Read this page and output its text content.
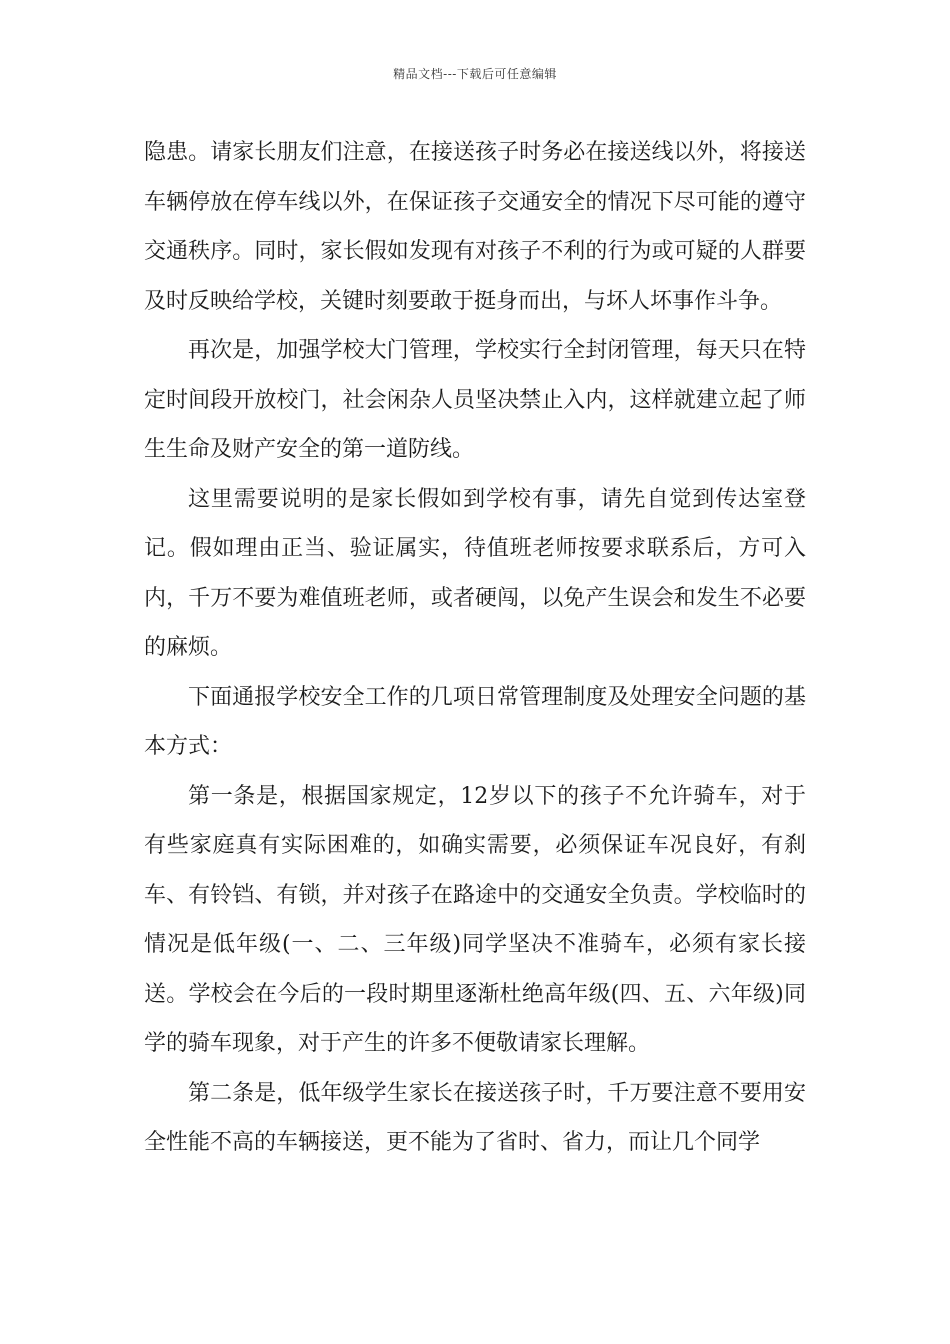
精品文档---下载后可任意编辑

隐患。请家长朋友们注意，在接送孩子时务必在接送线以外，将接送车辆停放在停车线以外，在保证孩子交通安全的情况下尽可能的遵守交通秩序。同时，家长假如发现有对孩子不利的行为或可疑的人群要及时反映给学校，关键时刻要敢于挺身而出，与坏人坏事作斗争。

再次是，加强学校大门管理，学校实行全封闭管理，每天只在特定时间段开放校门，社会闲杂人员坚决禁止入内，这样就建立起了师生生命及财产安全的第一道防线。

这里需要说明的是家长假如到学校有事，请先自觉到传达室登记。假如理由正当、验证属实，待值班老师按要求联系后，方可入内，千万不要为难值班老师，或者硬闯，以免产生误会和发生不必要的麻烦。

下面通报学校安全工作的几项日常管理制度及处理安全问题的基本方式：

第一条是，根据国家规定，12岁以下的孩子不允许骑车，对于有些家庭真有实际困难的，如确实需要，必须保证车况良好，有刹车、有铃铛、有锁，并对孩子在路途中的交通安全负责。学校临时的情况是低年级(一、二、三年级)同学坚决不准骑车，必须有家长接送。学校会在今后的一段时期里逐渐杜绝高年级(四、五、六年级)同学的骑车现象，对于产生的许多不便敬请家长理解。

第二条是，低年级学生家长在接送孩子时，千万要注意不要用安全性能不高的车辆接送，更不能为了省时、省力，而让几个同学
